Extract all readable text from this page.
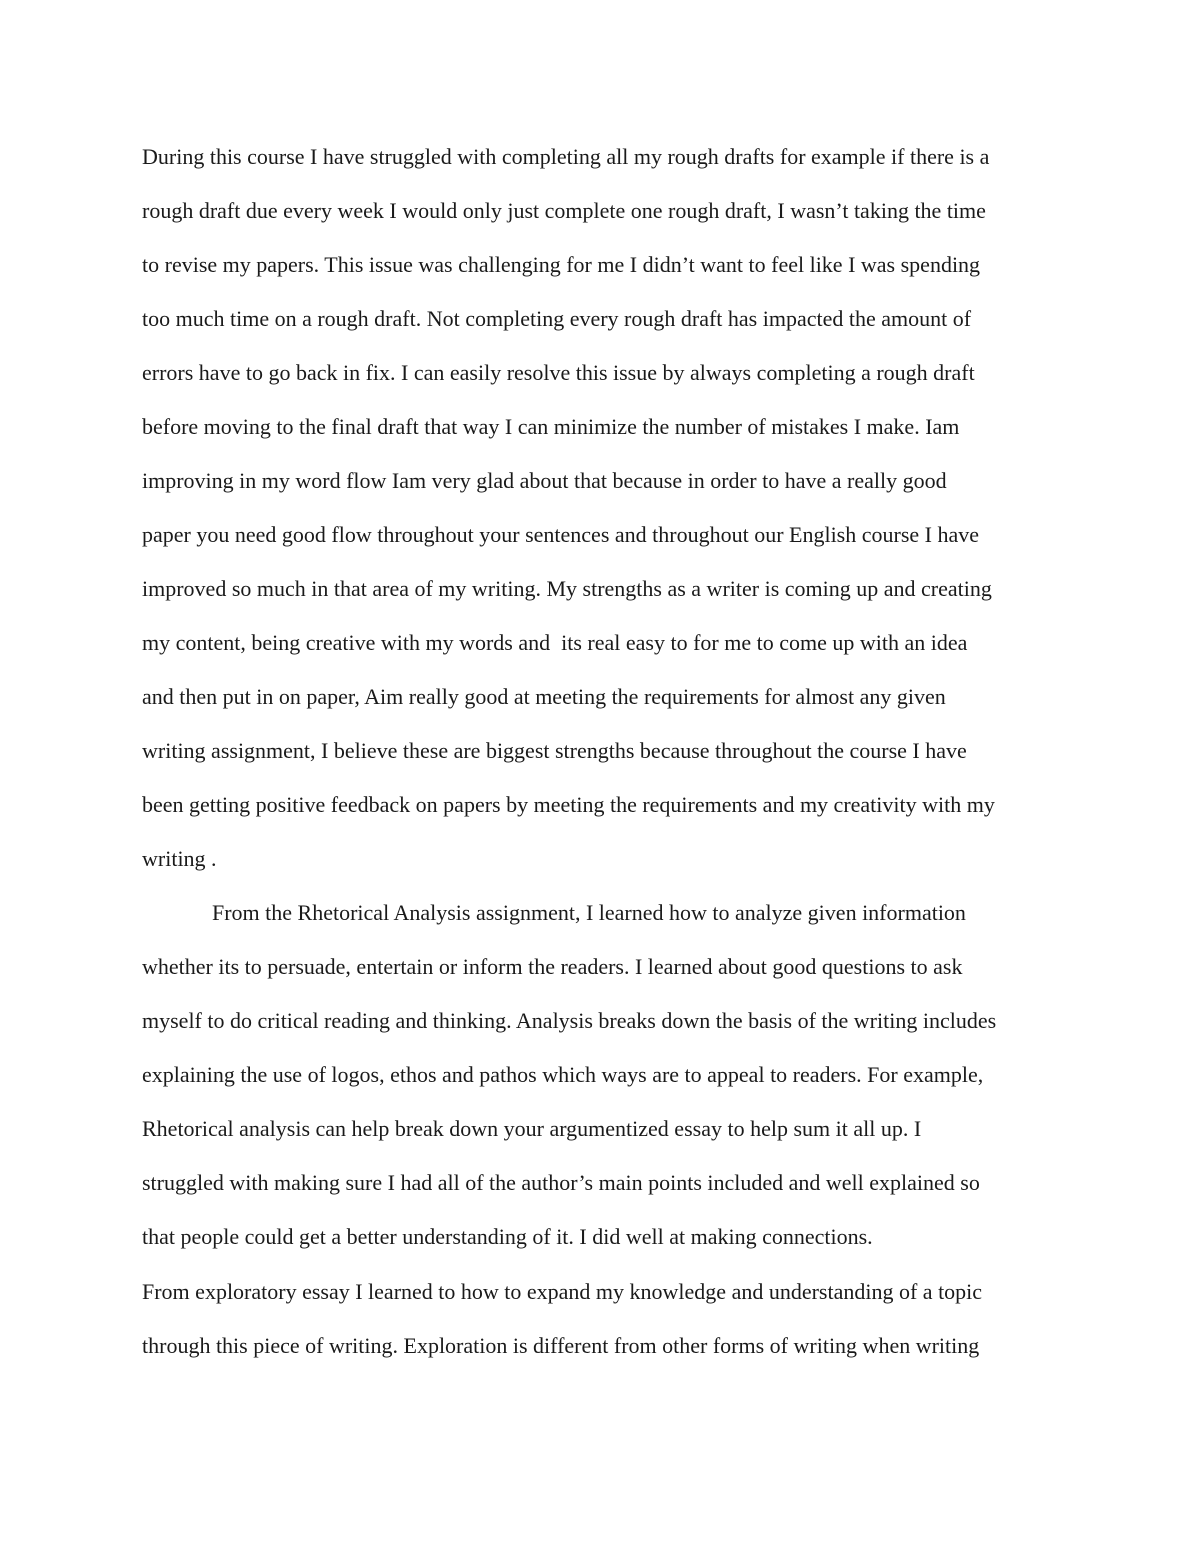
During this course I have struggled with completing all my rough drafts for example if there is a
rough draft due every week I would only just complete one rough draft, I wasn’t taking the time
to revise my papers. This issue was challenging for me I didn’t want to feel like I was spending
too much time on a rough draft. Not completing every rough draft has impacted the amount of
errors have to go back in fix. I can easily resolve this issue by always completing a rough draft
before moving to the final draft that way I can minimize the number of mistakes I make. Iam
improving in my word flow Iam very glad about that because in order to have a really good
paper you need good flow throughout your sentences and throughout our English course I have
improved so much in that area of my writing. My strengths as a writer is coming up and creating
my content, being creative with my words and  its real easy to for me to come up with an idea
and then put in on paper, Aim really good at meeting the requirements for almost any given
writing assignment, I believe these are biggest strengths because throughout the course I have
been getting positive feedback on papers by meeting the requirements and my creativity with my
writing .
From the Rhetorical Analysis assignment, I learned how to analyze given information
whether its to persuade, entertain or inform the readers. I learned about good questions to ask
myself to do critical reading and thinking. Analysis breaks down the basis of the writing includes
explaining the use of logos, ethos and pathos which ways are to appeal to readers. For example,
Rhetorical analysis can help break down your argumentized essay to help sum it all up. I
struggled with making sure I had all of the author’s main points included and well explained so
that people could get a better understanding of it. I did well at making connections.
From exploratory essay I learned to how to expand my knowledge and understanding of a topic
through this piece of writing. Exploration is different from other forms of writing when writing
